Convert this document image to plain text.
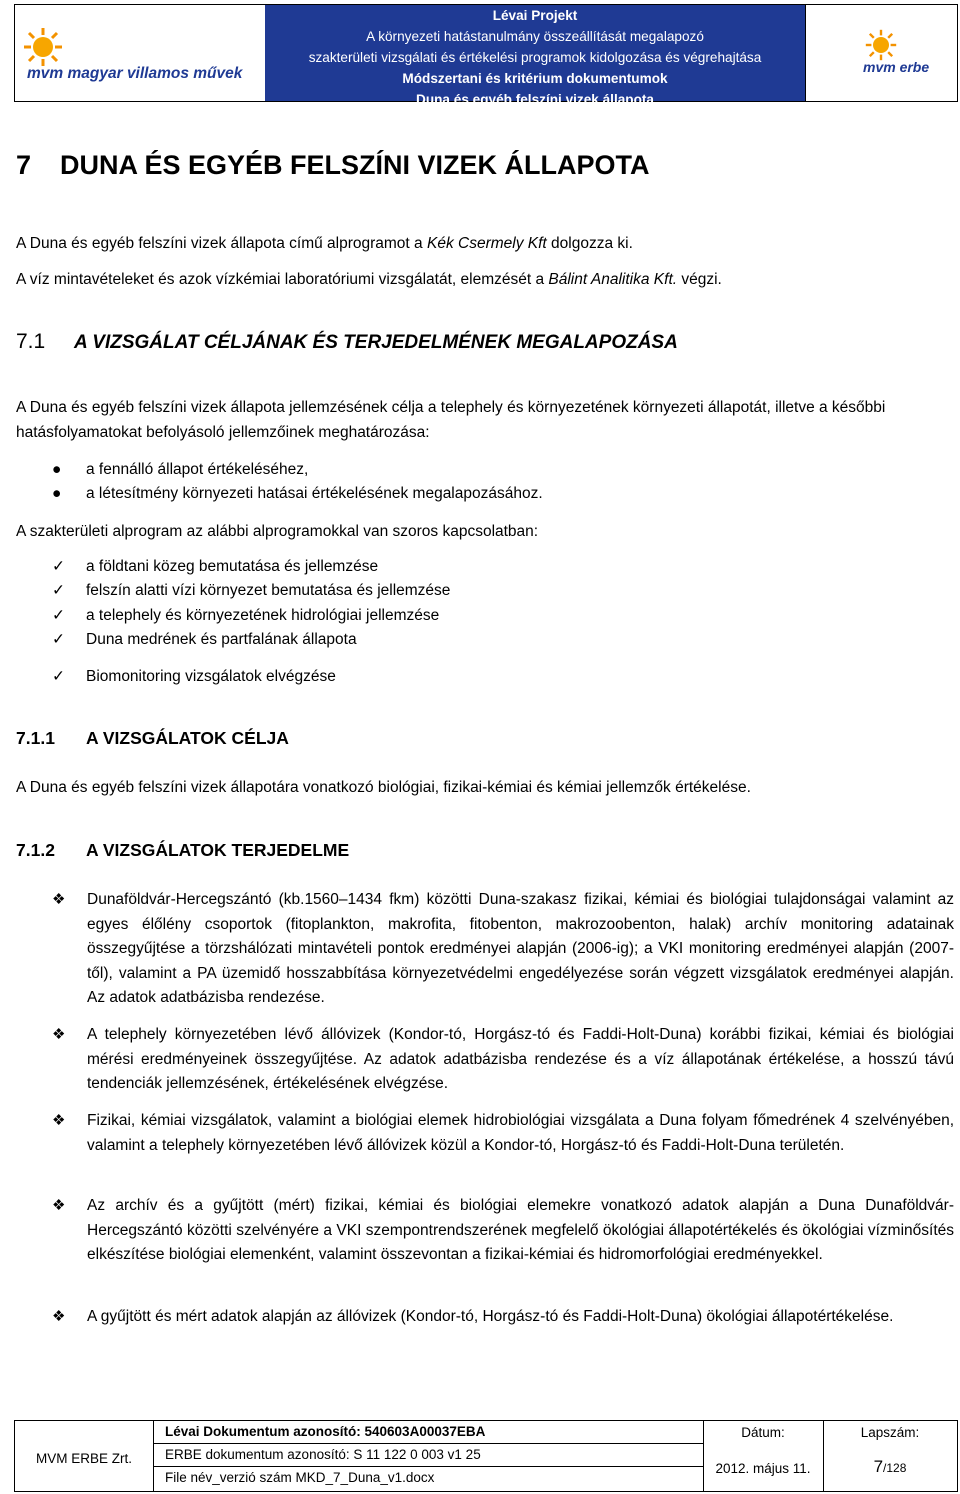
mvm magyar villamos művek
Lévai Projekt
A környezeti hatástanulmány összeállítását megalapozó
szakterületi vizsgálati és értékelési programok kidolgozása és végrehajtása
Módszertani és kritérium dokumentumok
Duna és egyéb felszíni vizek állapota
mvm erbe
7 DUNA ÉS EGYÉB FELSZÍNI VIZEK ÁLLAPOTA
A Duna és egyéb felszíni vizek állapota című alprogramot a Kék Csermely Kft dolgozza ki.
A víz mintavételeket és azok vízkémiai laboratóriumi vizsgálatát, elemzését a Bálint Analitika Kft. végzi.
7.1 A VIZSGÁLAT CÉLJÁNAK ÉS TERJEDELMÉNEK MEGALAPOZÁSA
A Duna és egyéb felszíni vizek állapota jellemzésének célja a telephely és környezetének környezeti állapotát, illetve a későbbi hatásfolyamatokat befolyásoló jellemzőinek meghatározása:
● a fennálló állapot értékeléséhez,
● a létesítmény környezeti hatásai értékelésének megalapozásához.
A szakterületi alprogram az alábbi alprogramokkal van szoros kapcsolatban:
✓ a földtani közeg bemutatása és jellemzése
✓ felszín alatti vízi környezet bemutatása és jellemzése
✓ a telephely és környezetének hidrológiai jellemzése
✓ Duna medrének és partfalának állapota
✓ Biomonitoring vizsgálatok elvégzése
7.1.1 A VIZSGÁLATOK CÉLJA
A Duna és egyéb felszíni vizek állapotára vonatkozó biológiai, fizikai-kémiai és kémiai jellemzők értékelése.
7.1.2 A VIZSGÁLATOK TERJEDELME
❖ Dunaföldvár-Hercegszántó (kb.1560–1434 fkm) közötti Duna-szakasz fizikai, kémiai és biológiai tulajdonságai valamint az egyes élőlény csoportok (fitoplankton, makrofita, fitobenton, makrozoobenton, halak) archív monitoring adatainak összegyűjtése a törzshálózati mintavételi pontok eredményei alapján (2006-ig); a VKI monitoring eredményei alapján (2007-től), valamint a PA üzemidő hosszabbítása környezetvédelmi engedélyezése során végzett vizsgálatok eredményei alapján. Az adatok adatbázisba rendezése.
❖ A telephely környezetében lévő állóvizek (Kondor-tó, Horgász-tó és Faddi-Holt-Duna) korábbi fizikai, kémiai és biológiai mérési eredményeinek összegyűjtése. Az adatok adatbázisba rendezése és a víz állapotának értékelése, a hosszú távú tendenciák jellemzésének, értékelésének elvégzése.
❖ Fizikai, kémiai vizsgálatok, valamint a biológiai elemek hidrobiológiai vizsgálata a Duna folyam főmedrének 4 szelvényében, valamint a telephely környezetében lévő állóvizek közül a Kondor-tó, Horgász-tó és Faddi-Holt-Duna területén.
❖ Az archív és a gyűjtött (mért) fizikai, kémiai és biológiai elemekre vonatkozó adatok alapján a Duna Dunaföldvár-Hercegszántó közötti szelvényére a VKI szempontrendszerének megfelelő ökológiai állapotértékelés és ökológiai vízminősítés elkészítése biológiai elemenként, valamint összevontan a fizikai-kémiai és hidromorfológiai eredményekkel.
❖ A gyűjtött és mért adatok alapján az állóvizek (Kondor-tó, Horgász-tó és Faddi-Holt-Duna) ökológiai állapotértékelése.
MVM ERBE Zrt.
Lévai Dokumentum azonosító: 540603A00037EBA
ERBE dokumentum azonosító: S 11 122 0 003 v1 25
File név_verzió szám MKD_7_Duna_v1.docx
Dátum:
2012. május 11.
Lapszám:
7/128
